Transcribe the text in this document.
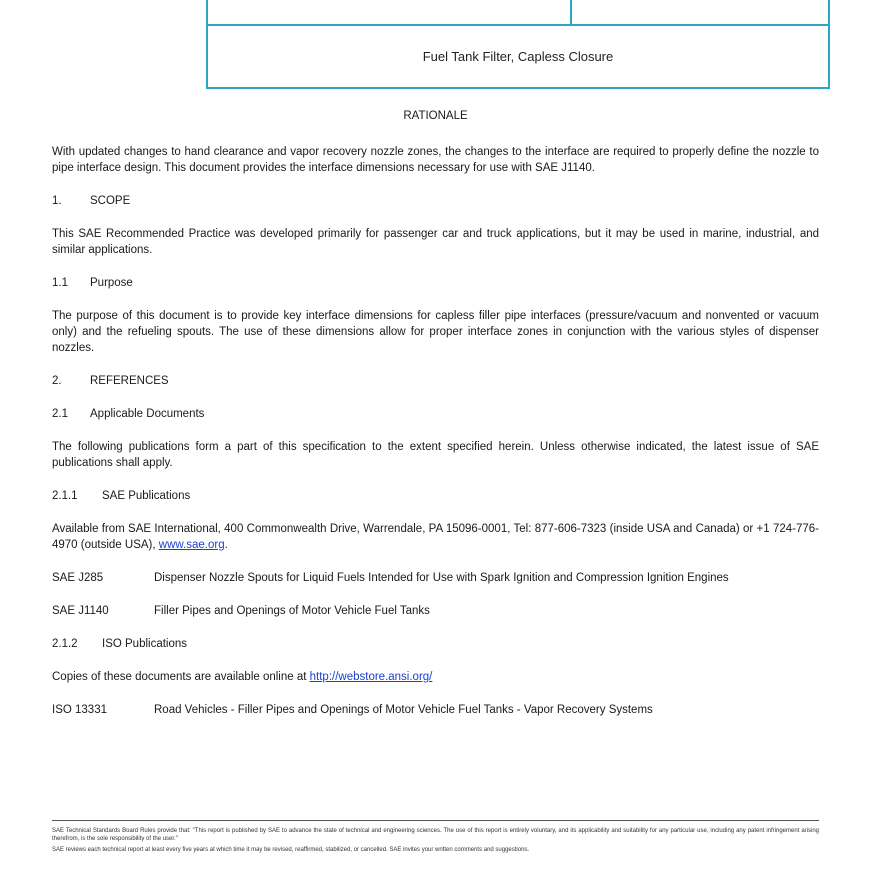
Fuel Tank Filter, Capless Closure
RATIONALE

With updated changes to hand clearance and vapor recovery nozzle zones, the changes to the interface are required to properly define the nozzle to pipe interface design. This document provides the interface dimensions necessary for use with SAE J1140.

1. SCOPE

This SAE Recommended Practice was developed primarily for passenger car and truck applications, but it may be used in marine, industrial, and similar applications.

1.1 Purpose

The purpose of this document is to provide key interface dimensions for capless filler pipe interfaces (pressure/vacuum and nonvented or vacuum only) and the refueling spouts. The use of these dimensions allow for proper interface zones in conjunction with the various styles of dispenser nozzles.

2. REFERENCES
2.1 Applicable Documents

The following publications form a part of this specification to the extent specified herein. Unless otherwise indicated, the latest issue of SAE publications shall apply.

2.1.1 SAE Publications

Available from SAE International, 400 Commonwealth Drive, Warrendale, PA 15096-0001, Tel: 877-606-7323 (inside USA and Canada) or +1 724-776-4970 (outside USA), www.sae.org.

SAE J285	Dispenser Nozzle Spouts for Liquid Fuels Intended for Use with Spark Ignition and Compression Ignition Engines
SAE J1140	Filler Pipes and Openings of Motor Vehicle Fuel Tanks
2.1.2 ISO Publications

Copies of these documents are available online at http://webstore.ansi.org/

ISO 13331	Road Vehicles - Filler Pipes and Openings of Motor Vehicle Fuel Tanks - Vapor Recovery Systems

SAE Technical Standards Board Rules provide that: "This report is published by SAE to advance the state of technical and engineering sciences. The use of this report is entirely voluntary, and its applicability and suitability for any particular use, including any patent infringement arising therefrom, is the sole responsibility of the user."

SAE reviews each technical report at least every five years at which time it may be revised, reaffirmed, stabilized, or cancelled. SAE invites your written comments and suggestions.
